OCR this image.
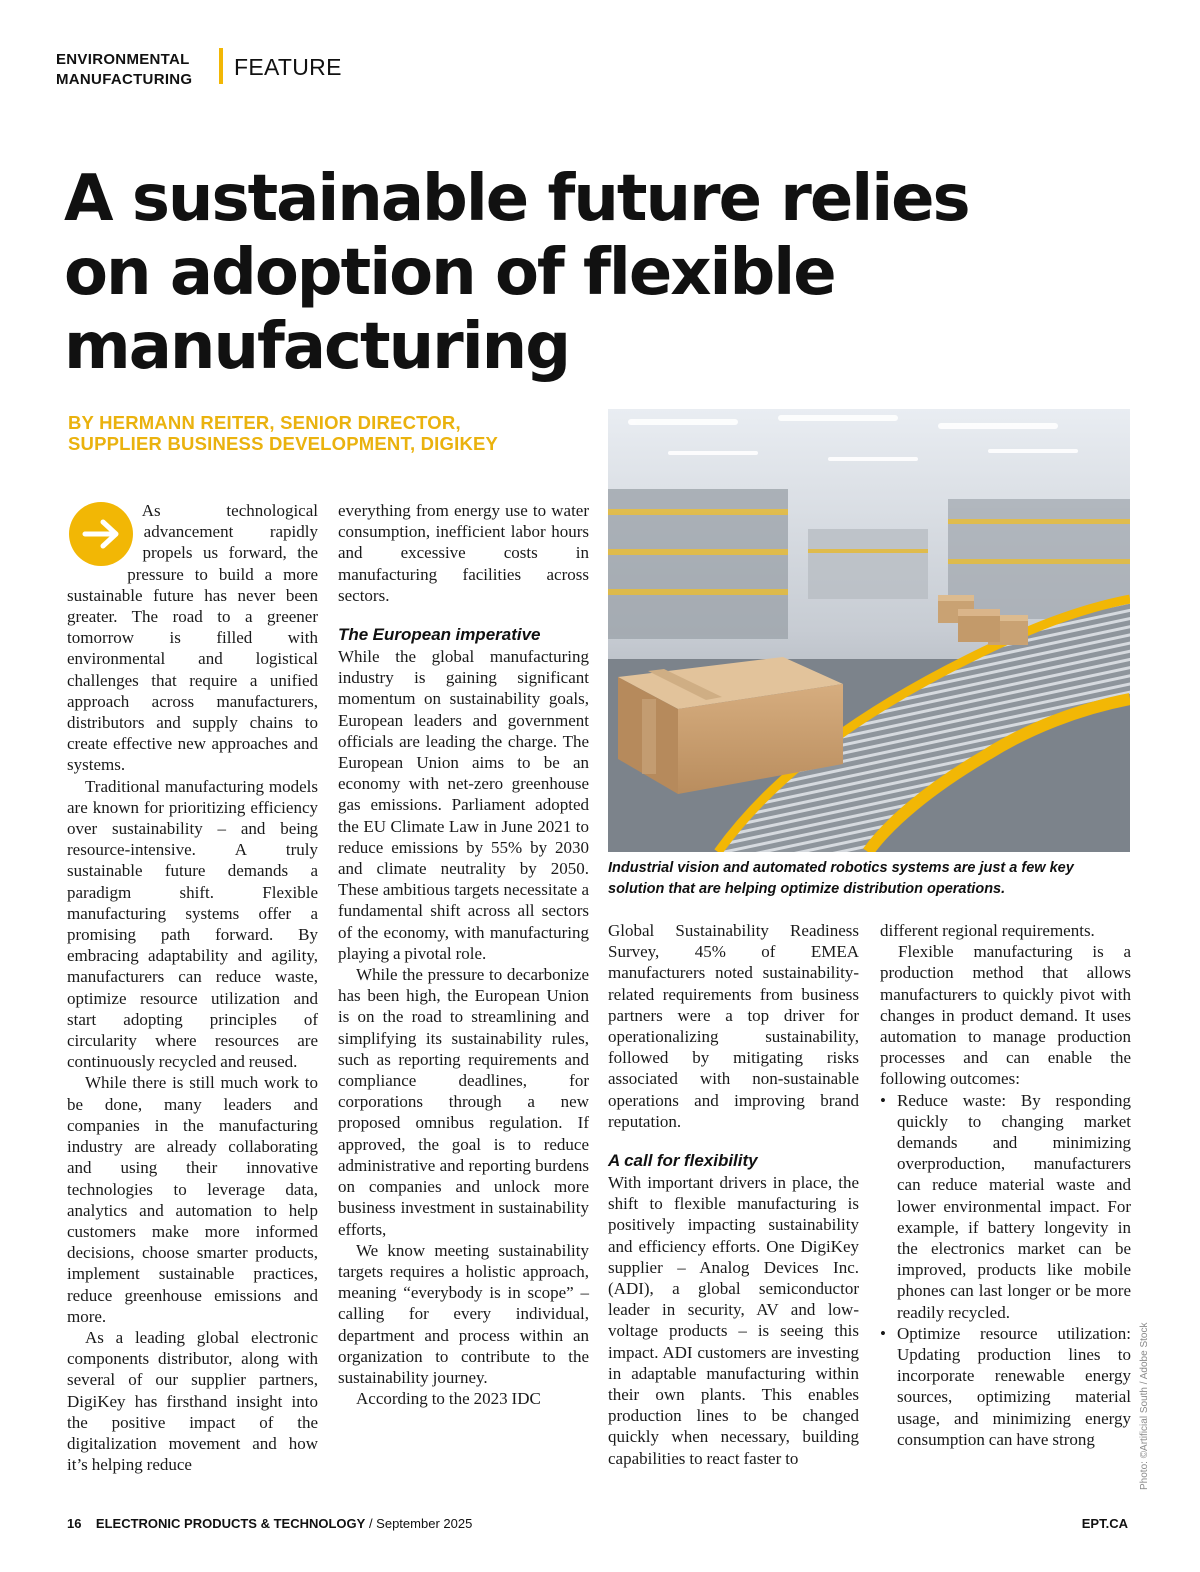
ENVIRONMENTAL
MANUFACTURING	FEATURE
A sustainable future relies
on adoption of flexible
manufacturing
BY HERMANN REITER, SENIOR DIRECTOR,
SUPPLIER BUSINESS DEVELOPMENT, DIGIKEY
Industrial vision and automated robotics systems are just a few key solution that are helping optimize distribution operations.
Photo: ©Artificial South / Adobe Stock

As technological advancement rapidly propels us forward, the pressure to build a more sustainable future has never been greater. The road to a greener tomorrow is filled with environmental and logistical challenges that require a unified approach across manufacturers, distributors and supply chains to create effective new approaches and systems.

Traditional manufacturing models are known for prioritizing efficiency over sustainability – and being resource-intensive. A truly sustainable future demands a paradigm shift. Flexible manufacturing systems offer a promising path forward. By embracing adaptability and agility, manufacturers can reduce waste, optimize resource utilization and start adopting principles of circularity where resources are continuously recycled and reused.

While there is still much work to be done, many leaders and companies in the manufacturing industry are already collaborating and using their innovative technologies to leverage data, analytics and automation to help customers make more informed decisions, choose smarter products, implement sustainable practices, reduce greenhouse emissions and more.

As a leading global electronic components distributor, along with several of our supplier partners, DigiKey has firsthand insight into the positive impact of the digitalization movement and how it’s helping reduce

everything from energy use to water consumption, inefficient labor hours and excessive costs in manufacturing facilities across sectors.

The European imperative

While the global manufacturing industry is gaining significant momentum on sustainability goals, European leaders and government officials are leading the charge. The European Union aims to be an economy with net-zero greenhouse gas emissions. Parliament adopted the EU Climate Law in June 2021 to reduce emissions by 55% by 2030 and climate neutrality by 2050. These ambitious targets necessitate a fundamental shift across all sectors of the economy, with manufacturing playing a pivotal role.

While the pressure to decarbonize has been high, the European Union is on the road to streamlining and simplifying its sustainability rules, such as reporting requirements and compliance deadlines, for corporations through a new proposed omnibus regulation. If approved, the goal is to reduce administrative and reporting burdens on companies and unlock more business investment in sustainability efforts,

We know meeting sustainability targets requires a holistic approach, meaning “everybody is in scope” – calling for every individual, department and process within an organization to contribute to the sustainability journey.

According to the 2023 IDC

Global Sustainability Readiness Survey, 45% of EMEA manufacturers noted sustainability-related requirements from business partners were a top driver for operationalizing sustainability, followed by mitigating risks associated with non-sustainable operations and improving brand reputation.

A call for flexibility

With important drivers in place, the shift to flexible manufacturing is positively impacting sustainability and efficiency efforts. One DigiKey supplier – Analog Devices Inc. (ADI), a global semiconductor leader in security, AV and low-voltage products – is seeing this impact. ADI customers are investing in adaptable manufacturing within their own plants. This enables production lines to be changed quickly when necessary, building capabilities to react faster to

different regional requirements.

Flexible manufacturing is a production method that allows manufacturers to quickly pivot with changes in product demand. It uses automation to manage production processes and can enable the following outcomes:

• Reduce waste: By responding quickly to changing market demands and minimizing overproduction, manufacturers can reduce material waste and lower environmental impact. For example, if battery longevity in the electronics market can be improved, products like mobile phones can last longer or be more readily recycled.
• Optimize resource utilization: Updating production lines to incorporate renewable energy sources, optimizing material usage, and minimizing energy consumption can have strong
16 ELECTRONIC PRODUCTS & TECHNOLOGY / September 2025	EPT.CA
